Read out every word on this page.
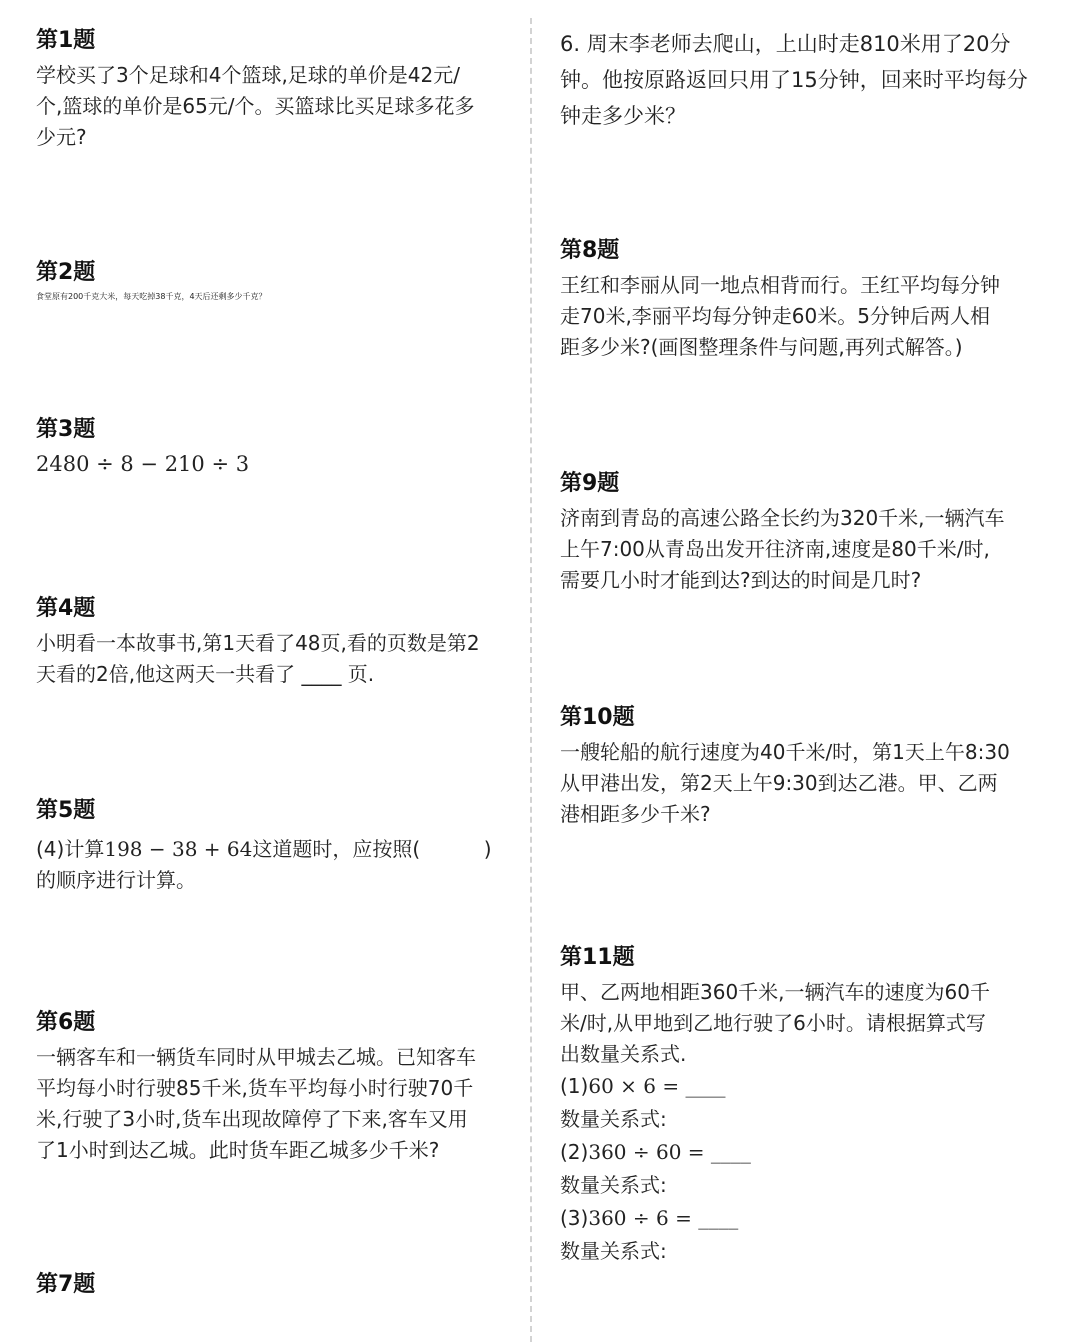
第1题

学校买了3个足球和4个篮球,足球的单价是42元/
个,篮球的单价是65元/个。买篮球比买足球多花多
少元?

第2题

食堂原有200千克大米，每天吃掉38千克，4天后还剩多少千克？

第3题

2480 ÷ 8 − 210 ÷ 3

第4题

小明看一本故事书,第1天看了48页,看的页数是第2
天看的2倍,他这两天一共看了 ____ 页.

第5题

(4)计算198 − 38 + 64这道题时，应按照(          )
的顺序进行计算。

第6题

一辆客车和一辆货车同时从甲城去乙城。已知客车
平均每小时行驶85千米,货车平均每小时行驶70千
米,行驶了3小时,货车出现故障停了下来,客车又用
了1小时到达乙城。此时货车距乙城多少千米?

第7题

6. 周末李老师去爬山，上山时走810米用了20分
钟。他按原路返回只用了15分钟，回来时平均每分
钟走多少米？

第8题

王红和李丽从同一地点相背而行。王红平均每分钟
走70米,李丽平均每分钟走60米。5分钟后两人相
距多少米?(画图整理条件与问题,再列式解答。)

第9题

济南到青岛的高速公路全长约为320千米,一辆汽车
上午7:00从青岛出发开往济南,速度是80千米/时,
需要几小时才能到达?到达的时间是几时?

第10题

一艘轮船的航行速度为40千米/时，第1天上午8:30
从甲港出发，第2天上午9:30到达乙港。甲、乙两
港相距多少千米?

第11题

甲、乙两地相距360千米,一辆汽车的速度为60千
米/时,从甲地到乙地行驶了6小时。请根据算式写
出数量关系式.

(1)60 × 6 = ____
数量关系式:
(2)360 ÷ 60 = ____
数量关系式:
(3)360 ÷ 6 = ____
数量关系式:
